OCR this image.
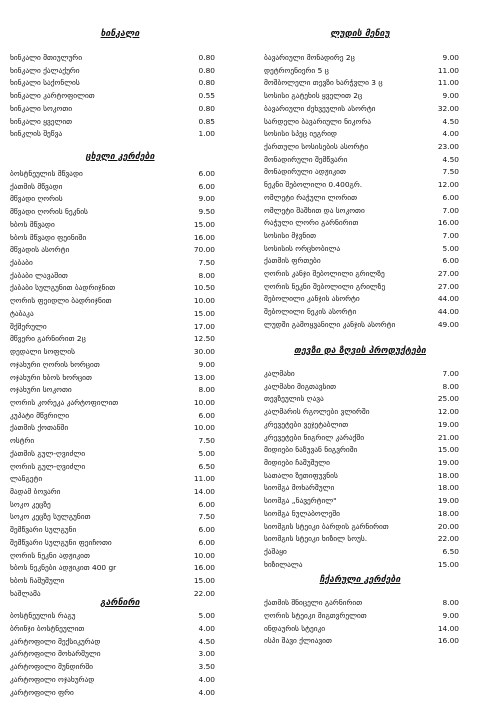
ხინკალი
ხინკალი მთიულური	0.80
ხინკალი ქალაქური	0.80
ხინკალი საქონლის	0.80
ხინკალი კარტოფილით	0.55
ხინკალი სოკოთი	0.80
ხინკალი ყველით	0.85
ხინკლის შეწვა	1.00
ცხელი კერძები
ბოსტნეულის მწვადი	6.00
ქათმის მწვადი	6.00
მწვადი ღორის	9.00
მწვადი ღორის ნეკნის	9.50
ხბოს მწვადი	15.00
ხბოს მწვადი ფეინიში	16.00
მწვადის ასორტი	70.00
ქაბაბი	7.50
ქაბაბი ლავაშით	8.00
ქაბაბი სულგუნით ბადრიჯნით	10.50
ღორის ფეიდლი ბადრიჯნით	10.00
ტაბაკა	15.00
შქმერული	17.00
მწვერი გარნირით 2ც	12.50
დედალი სოფლის	30.00
ოჯახური ღორის ხორცით	9.00
ოჯახური ხბოს ხორცით	13.00
ოჯახური სოკოთი	8.00
ღორის კორეკა კარტოფილით	10.00
კუპატი მწვრილი	6.00
ქათმის ქოთანში	10.00
ოსტრი	7.50
ქათმის გულ-ღვიძლი	5.00
ღორის გულ-ღვიძლი	6.50
ლანგეტი	11.00
მადამ ბოვარი	14.00
სოკო კეცზე	6.00
სოკო კეცზე სულგუნით	7.50
შემწვარი სულგუნი	6.00
შემწვარი სულგუნი ფეიჩოთი	6.00
ღორის ნეკნი ადჟიკით	10.00
ხბოს ნეკნები ადჟიკით 400 gr	16.00
ხბოს ჩაშუშული	15.00
ხაშლამა	22.00
გარნირი
ბოსტნეულის რაგუ	5.00
ბრინჯი ბოსტნეულით	4.00
კარტოფილი მექსიკურად	4.50
კარტოფილი მოხარშული	3.00
კარტოფილი მუნდირში	3.50
კარტოფილი ოჯახურად	4.00
კარტოფილი ფრი	4.00
ლუდის მენიუ
ბავარიული მონადირე 2ც	9.00
დეტროენიერი 5 ც	11.00
მოშბოლელი თევზი ხარჭვლი 3 ც	11.00
სოსისი გატეხის ყველით 2ც	9.00
ბავარიული ძეხვეულის ასორტი	32.00
სარდელი ბავარიული ნიკორა	4.50
სოსისი სპეც იეგრიდ	4.00
ქართული სოსისების ასორტი	23.00
მონადირული შემწვარი	4.50
მონადირული ადჟიკით	7.50
ნეკნი შებოლილი 0.400გრ.	12.00
ომლეტი რაჭული ლორით	6.00
ომლეტი შაშხით და სოკოთი	7.00
რაჭული ლორი გარნირით	16.00
სოსისი მჯვნით	7.00
სოსისის ორცხობილა	5.00
ქათმის ფრთები	6.00
ღორის კანჯი შებოლილი გრილზე	27.00
ღორის ნეკნი შებოლილი გრილზე	27.00
შებოლილი კანჯის ასორტი	44.00
შებოლილი ნეკის ასორტი	44.00
ლუდში გამოყვანილი კანჯის ასორტი	49.00
თევზი და ზღვის პროდუქტები
კალმახი	7.00
კალმახი მიგთავსით	8.00
თევზეულის ღავა	25.00
კალმარის რგოლები ვლირში	12.00
კრევეტები ვეჯეტაბლით	19.00
კრევეტები ნიგრილ კარაქში	21.00
მიდიები ნაზუვან ნიგვრიში	15.00
მიდიები ჩაშუშული	19.00
სათალი ზეთიფუვნის	18.00
სიომგა მოხარშული	18.00
სიომგა „ნავერტილ"	19.00
სიომგა ნულაბოლეში	18.00
სიომგის სტეიკი ბარდის გარნირით	20.00
სიომგის სტეიკი ხიზილ სოუს.	22.00
ქაშაყი	6.50
ხიზილალა	15.00
ჩქარული კერძები
ქათმის შნიცელი გარნირით	8.00
ღორის სტეიკი მიგთვრელით	9.00
ინდაურის სტეიკი	14.00
ისპი შავი ქლიავით	16.00
